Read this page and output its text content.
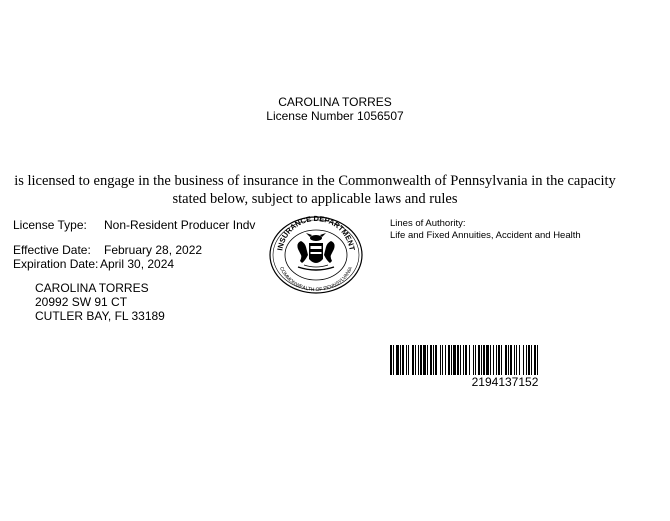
CAROLINA TORRES
License Number 1056507
is licensed to engage in the business of insurance in the Commonwealth of Pennsylvania in the capacity
stated below, subject to applicable laws and rules
License Type: Non-Resident Producer Indv
Effective Date: February 28, 2022
Expiration Date: April 30, 2024
CAROLINA TORRES
20992 SW 91 CT
CUTLER BAY, FL 33189
Lines of Authority:
Life and Fixed Annuities, Accident and Health
INSURANCE DEPARTMENT
COMMONWEALTH OF PENNSYLVANIA
2194137152
